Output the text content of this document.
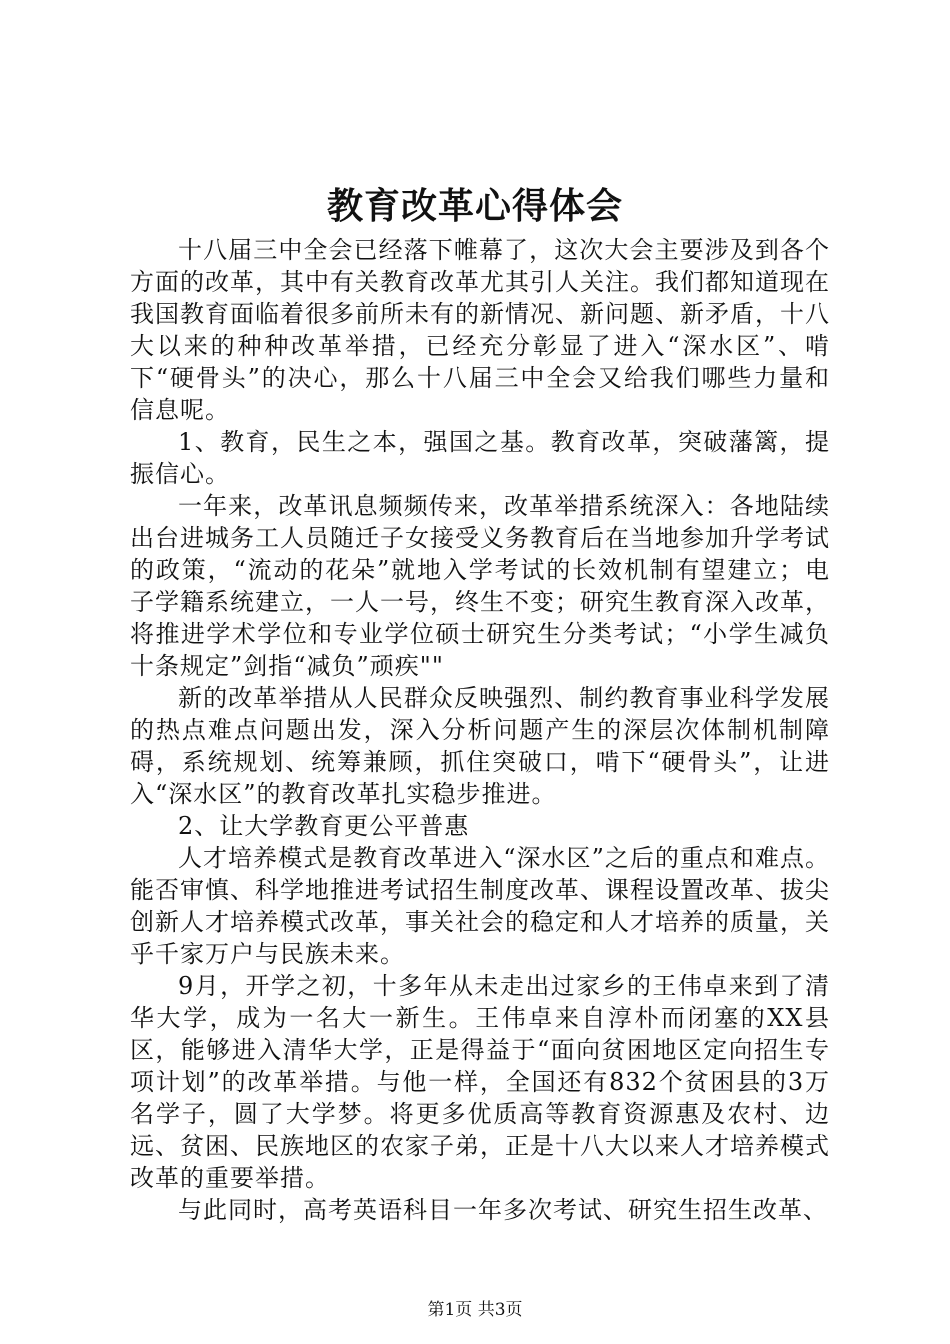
教育改革心得体会

十八届三中全会已经落下帷幕了，这次大会主要涉及到各个方面的改革，其中有关教育改革尤其引人关注。我们都知道现在我国教育面临着很多前所未有的新情况、新问题、新矛盾，十八大以来的种种改革举措，已经充分彰显了进入“深水区”、啃下“硬骨头”的决心，那么十八届三中全会又给我们哪些力量和信息呢。

1、教育，民生之本，强国之基。教育改革，突破藩篱，提振信心。

一年来，改革讯息频频传来，改革举措系统深入：各地陆续出台进城务工人员随迁子女接受义务教育后在当地参加升学考试的政策，“流动的花朵”就地入学考试的长效机制有望建立；电子学籍系统建立，一人一号，终生不变；研究生教育深入改革，将推进学术学位和专业学位硕士研究生分类考试；“小学生减负十条规定”剑指“减负”顽疾""

新的改革举措从人民群众反映强烈、制约教育事业科学发展的热点难点问题出发，深入分析问题产生的深层次体制机制障碍，系统规划、统筹兼顾，抓住突破口，啃下“硬骨头”，让进入“深水区”的教育改革扎实稳步推进。

2、让大学教育更公平普惠

人才培养模式是教育改革进入“深水区”之后的重点和难点。能否审慎、科学地推进考试招生制度改革、课程设置改革、拔尖创新人才培养模式改革，事关社会的稳定和人才培养的质量，关乎千家万户与民族未来。

9月，开学之初，十多年从未走出过家乡的王伟卓来到了清华大学，成为一名大一新生。王伟卓来自淳朴而闭塞的XX县区，能够进入清华大学，正是得益于“面向贫困地区定向招生专项计划”的改革举措。与他一样，全国还有832个贫困县的3万名学子，圆了大学梦。将更多优质高等教育资源惠及农村、边远、贫困、民族地区的农家子弟，正是十八大以来人才培养模式改革的重要举措。

与此同时，高考英语科目一年多次考试、研究生招生改革、

第1页 共3页
